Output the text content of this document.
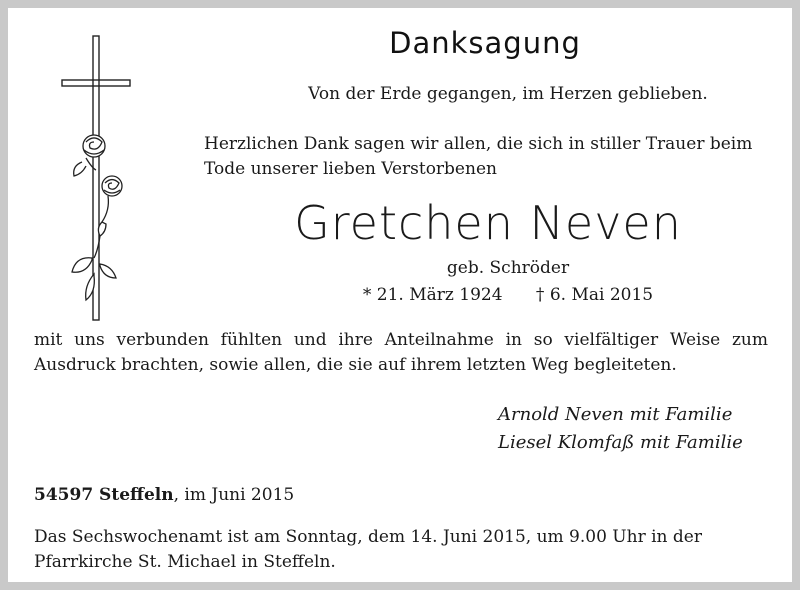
Danksagung
Von der Erde gegangen, im Herzen geblieben.
Herzlichen Dank sagen wir allen, die sich in stiller Trauer beim
Tode unserer lieben Verstorbenen
Gretchen Neven
geb. Schröder
* 21. März 1924 † 6. Mai 2015
mit uns verbunden fühlten und ihre Anteilnahme in so vielfältiger Weise zum
Ausdruck brachten, sowie allen, die sie auf ihrem letzten Weg begleiteten.
Arnold Neven mit Familie
Liesel Klomfaß mit Familie
54597 Steffeln, im Juni 2015
Das Sechswochenamt ist am Sonntag, dem 14. Juni 2015, um 9.00 Uhr in der
Pfarrkirche St. Michael in Steffeln.
